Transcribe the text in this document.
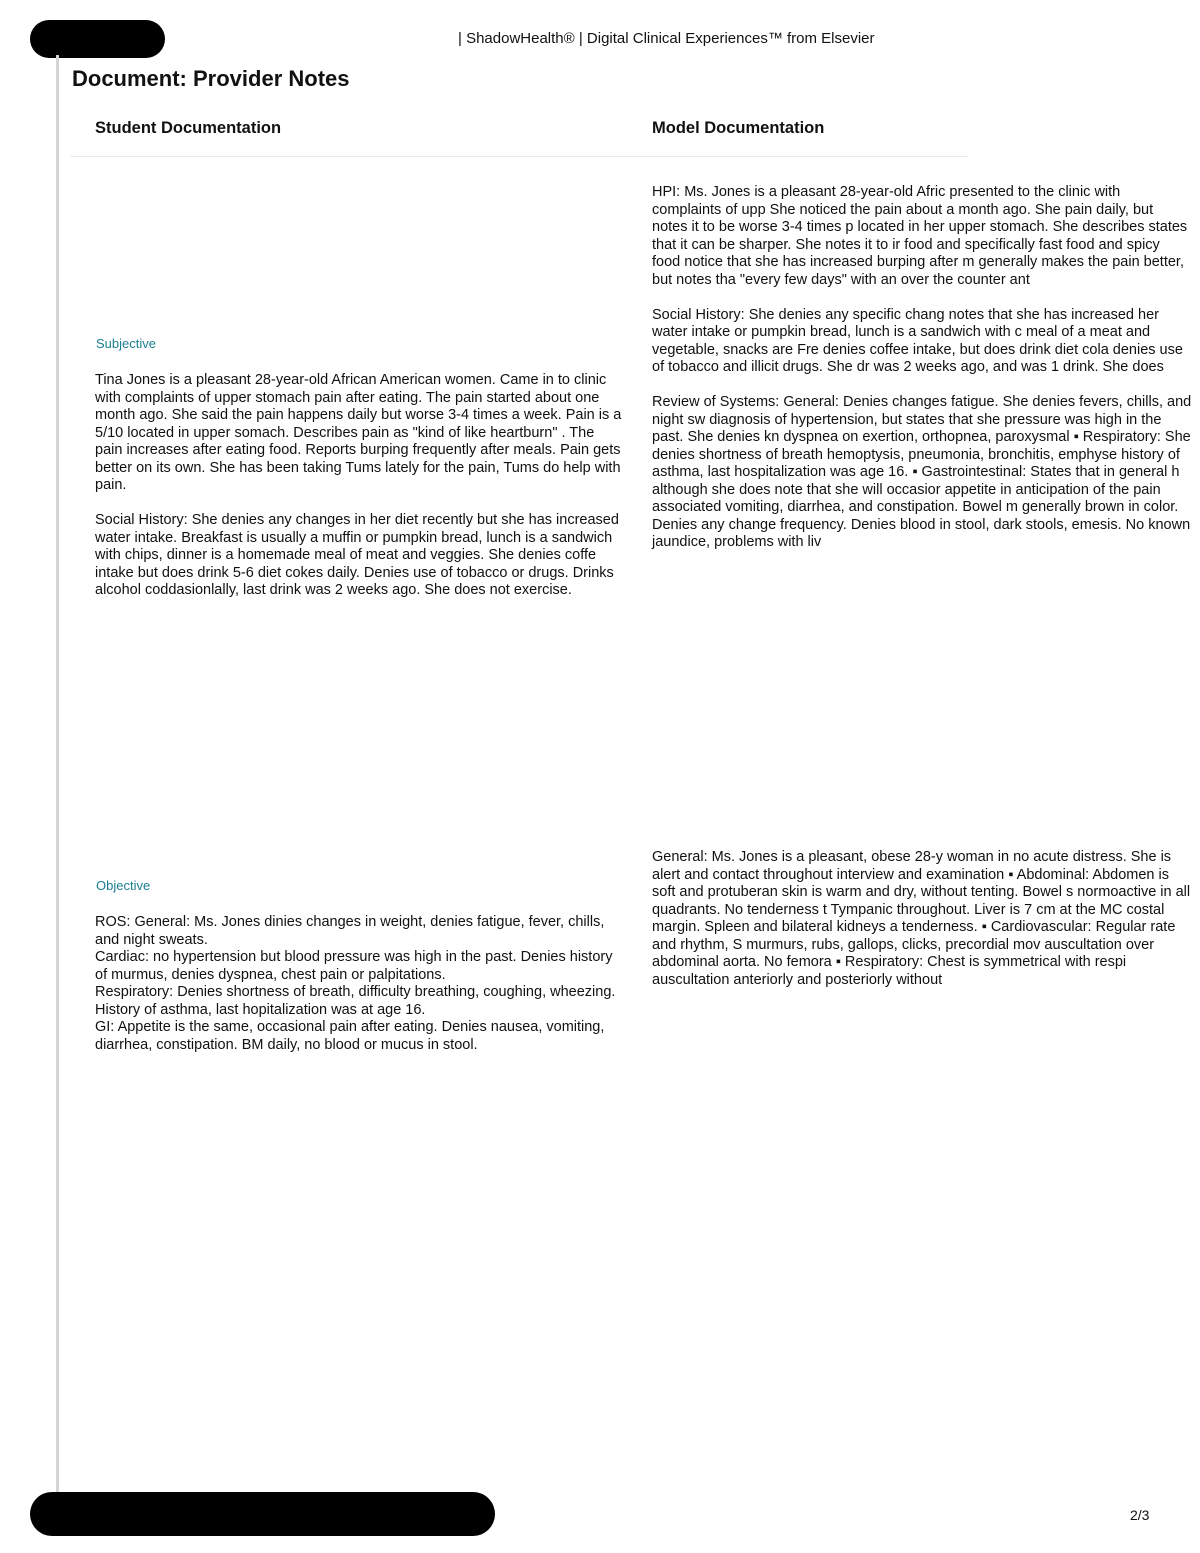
| ShadowHealth® | Digital Clinical Experiences™ from Elsevier
Document: Provider Notes
Student Documentation	Model Documentation
Subjective

Tina Jones is a pleasant 28-year-old African American women. Came in to clinic with complaints of upper stomach pain after eating. The pain started about one month ago. She said the pain happens daily but worse 3-4 times a week. Pain is a 5/10 located in upper somach. Describes pain as "kind of like heartburn" . The pain increases after eating food. Reports burping frequently after meals. Pain gets better on its own. She has been taking Tums lately for the pain, Tums do help with pain.

Social History: She denies any changes in her diet recently but she has increased water intake. Breakfast is usually a muffin or pumpkin bread, lunch is a sandwich with chips, dinner is a homemade meal of meat and veggies. She denies coffe intake but does drink 5-6 diet cokes daily. Denies use of tobacco or drugs. Drinks alcohol coddasionlally, last drink was 2 weeks ago. She does not exercise.

HPI: Ms. Jones is a pleasant 28-year-old Afric presented to the clinic with complaints of upp She noticed the pain about a month ago. She pain daily, but notes it to be worse 3-4 times p located in her upper stomach. She describes states that it can be sharper. She notes it to ir food and specifically fast food and spicy food notice that she has increased burping after m generally makes the pain better, but notes tha "every few days" with an over the counter ant

Social History: She denies any specific chang notes that she has increased her water intake or pumpkin bread, lunch is a sandwich with c meal of a meat and vegetable, snacks are Fre denies coffee intake, but does drink diet cola denies use of tobacco and illicit drugs. She dr was 2 weeks ago, and was 1 drink. She does

Review of Systems: General: Denies changes fatigue. She denies fevers, chills, and night sw diagnosis of hypertension, but states that she pressure was high in the past. She denies kn dyspnea on exertion, orthopnea, paroxysmal ▪ Respiratory: She denies shortness of breath hemoptysis, pneumonia, bronchitis, emphyse history of asthma, last hospitalization was age 16. ▪ Gastrointestinal: States that in general h although she does note that she will occasior appetite in anticipation of the pain associated vomiting, diarrhea, and constipation. Bowel m generally brown in color. Denies any change frequency. Denies blood in stool, dark stools, emesis. No known jaundice, problems with liv

Objective

ROS: General: Ms. Jones dinies changes in weight, denies fatigue, fever, chills, and night sweats.

Cardiac: no hypertension but blood pressure was high in the past. Denies history of murmus, denies dyspnea, chest pain or palpitations.

Respiratory: Denies shortness of breath, difficulty breathing, coughing, wheezing. History of asthma, last hopitalization was at age 16.

GI: Appetite is the same, occasional pain after eating. Denies nausea, vomiting, diarrhea, constipation. BM daily, no blood or mucus in stool.

General: Ms. Jones is a pleasant, obese 28-y woman in no acute distress. She is alert and contact throughout interview and examination ▪ Abdominal: Abdomen is soft and protuberan skin is warm and dry, without tenting. Bowel s normoactive in all quadrants. No tenderness t Tympanic throughout. Liver is 7 cm at the MC costal margin. Spleen and bilateral kidneys a tenderness. ▪ Cardiovascular: Regular rate and rhythm, S murmurs, rubs, gallops, clicks, precordial mov auscultation over abdominal aorta. No femora ▪ Respiratory: Chest is symmetrical with respi auscultation anteriorly and posteriorly without

2/3
